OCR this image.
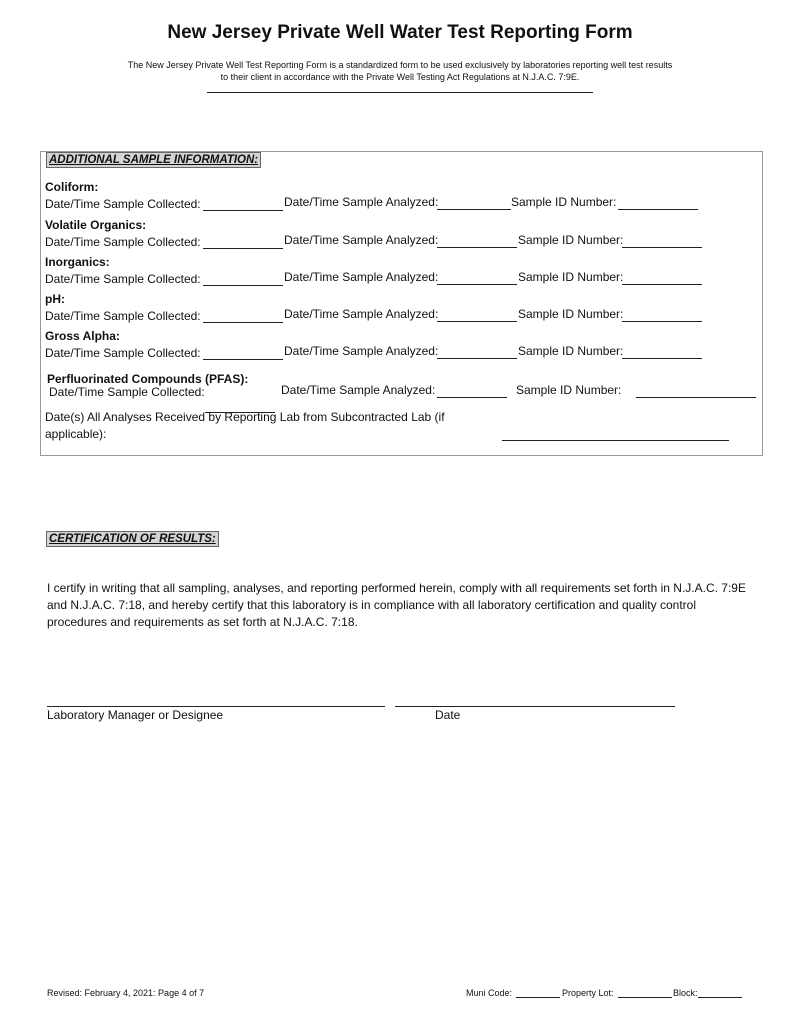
New Jersey Private Well Water Test Reporting Form
The New Jersey Private Well Test Reporting Form is a standardized form to be used exclusively by laboratories reporting well test results
to their client in accordance with the Private Well Testing Act Regulations at N.J.A.C. 7:9E.
ADDITIONAL SAMPLE INFORMATION:
Date(s) All Analyses Received by Reporting Lab from Subcontracted Lab (if
applicable):
CERTIFICATION OF RESULTS:
I certify in writing that all sampling, analyses, and reporting performed herein, comply with all requirements set forth in N.J.A.C. 7:9E and N.J.A.C. 7:18, and hereby certify that this laboratory is in compliance with all laboratory certification and quality control procedures and requirements as set forth at N.J.A.C. 7:18.
Laboratory Manager or Designee	Date
Revised: February 4, 2021: Page 4 of 7	Muni Code:	Property Lot:	Block:
Coliform:
Date/Time Sample Collected:	Date/Time Sample Analyzed:	Sample ID Number:
Volatile Organics:
Date/Time Sample Collected:	Date/Time Sample Analyzed:	Sample ID Number:
Inorganics:
Date/Time Sample Collected:	Date/Time Sample Analyzed:	Sample ID Number:
pH:
Date/Time Sample Collected:	Date/Time Sample Analyzed:	Sample ID Number:
Gross Alpha:
Date/Time Sample Collected:	Date/Time Sample Analyzed:	Sample ID Number:
Perfluorinated Compounds (PFAS):
Date/Time Sample Collected:	Date/Time Sample Analyzed:	Sample ID Number:
